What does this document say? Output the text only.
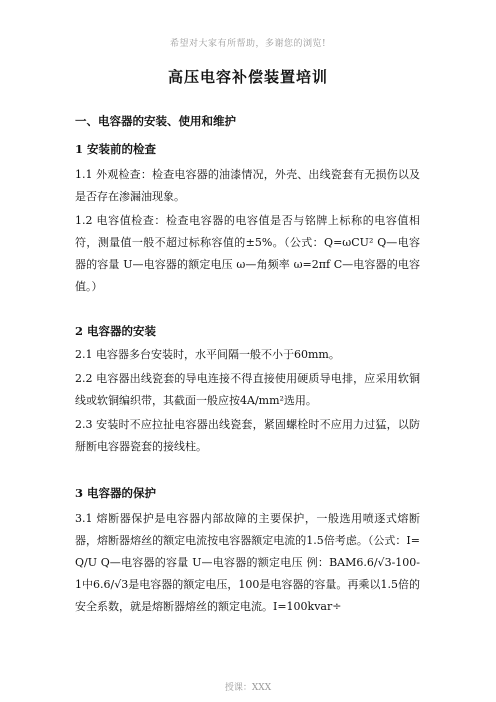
希望对大家有所帮助，多谢您的浏览!
高压电容补偿装置培训

一、电容器的安装、使用和维护

1 安装前的检查

1.1 外观检查：检查电容器的油漆情况，外壳、出线瓷套有无损伤以及是否存在渗漏油现象。

1.2 电容值检查：检查电容器的电容值是否与铭牌上标称的电容值相符，测量值一般不超过标称容值的±5%。（公式：Q=ωCU² Q—电容器的容量 U—电容器的额定电压 ω—角频率 ω=2πf C—电容器的电容值。）

2 电容器的安装

2.1 电容器多台安装时，水平间隔一般不小于60mm。

2.2 电容器出线瓷套的导电连接不得直接使用硬质导电排，应采用软铜线或软铜编织带，其截面一般应按4A/mm²选用。

2.3 安装时不应拉扯电容器出线瓷套，紧固螺栓时不应用力过猛，以防掰断电容器瓷套的接线柱。

3 电容器的保护

3.1 熔断器保护是电容器内部故障的主要保护，一般选用喷逐式熔断器，熔断器熔丝的额定电流按电容器额定电流的1.5倍考虑。（公式：I=Q/U Q—电容器的容量 U—电容器的额定电压 例：BAM6.6/√3-100-1中6.6/√3是电容器的额定电压，100是电容器的容量。再乘以1.5倍的安全系数，就是熔断器熔丝的额定电流。I=100kvar÷

授课：XXX
